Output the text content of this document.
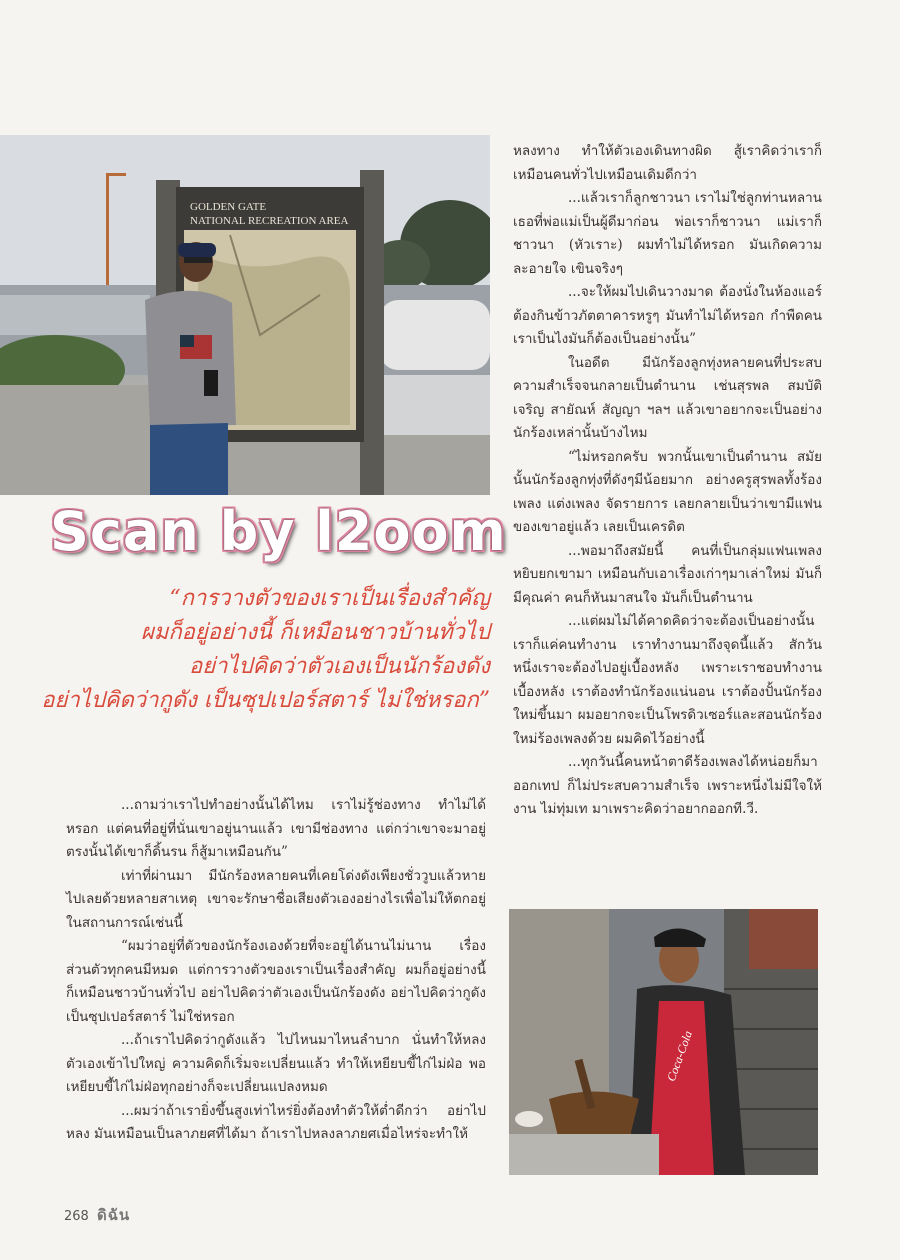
GOLDEN GATE
NATIONAL RECREATION AREA
Scan by l2oom
“การวางตัวของเราเป็นเรื่องสำคัญ
ผมก็อยู่อย่างนี้ ก็เหมือนชาวบ้านทั่วไป
อย่าไปคิดว่าตัวเองเป็นนักร้องดัง
อย่าไปคิดว่ากูดัง เป็นซุปเปอร์สตาร์ ไม่ใช่หรอก”

...ถามว่าเราไปทำอย่างนั้นได้ไหม เราไม่รู้ช่องทาง ทำไม่ได้หรอก แต่คนที่อยู่ที่นั่นเขาอยู่นานแล้ว เขามีช่องทาง แต่กว่าเขาจะมาอยู่ตรงนั้นได้เขาก็ดิ้นรน ก็สู้มาเหมือนกัน”

เท่าที่ผ่านมา มีนักร้องหลายคนที่เคยโด่งดังเพียงชั่ววูบแล้วหายไปเลยด้วยหลายสาเหตุ เขาจะรักษาชื่อเสียงตัวเองอย่างไรเพื่อไม่ให้ตกอยู่ในสถานการณ์เช่นนี้

“ผมว่าอยู่ที่ตัวของนักร้องเองด้วยที่จะอยู่ได้นานไม่นาน เรื่องส่วนตัวทุกคนมีหมด แต่การวางตัวของเราเป็นเรื่องสำคัญ ผมก็อยู่อย่างนี้ ก็เหมือนชาวบ้านทั่วไป อย่าไปคิดว่าตัวเองเป็นนักร้องดัง อย่าไปคิดว่ากูดัง เป็นซุปเปอร์สตาร์ ไม่ใช่หรอก

...ถ้าเราไปคิดว่ากูดังแล้ว ไปไหนมาไหนลำบาก นั่นทำให้หลงตัวเองเข้าไปใหญ่ ความคิดก็เริ่มจะเปลี่ยนแล้ว ทำให้เหยียบขี้ไก่ไม่ฝ่อ พอเหยียบขี้ไก่ไม่ฝ่อทุกอย่างก็จะเปลี่ยนแปลงหมด

...ผมว่าถ้าเรายิ่งขึ้นสูงเท่าไหร่ยิ่งต้องทำตัวให้ต่ำดีกว่า อย่าไปหลง มันเหมือนเป็นลาภยศที่ได้มา ถ้าเราไปหลงลาภยศเมื่อไหร่จะทำให้

หลงทาง ทำให้ตัวเองเดินทางผิด สู้เราคิดว่าเราก็เหมือนคนทั่วไปเหมือนเดิมดีกว่า

...แล้วเราก็ลูกชาวนา เราไม่ใช่ลูกท่านหลานเธอที่พ่อแม่เป็นผู้ดีมาก่อน พ่อเราก็ชาวนา แม่เราก็ชาวนา (หัวเราะ) ผมทำไม่ได้หรอก มันเกิดความละอายใจ เขินจริงๆ

...จะให้ผมไปเดินวางมาด ต้องนั่งในห้องแอร์ ต้องกินข้าวภัตตาคารหรูๆ มันทำไม่ได้หรอก กำพืดคนเราเป็นไงมันก็ต้องเป็นอย่างนั้น”

ในอดีต มีนักร้องลูกทุ่งหลายคนที่ประสบความสำเร็จจนกลายเป็นตำนาน เช่นสุรพล สมบัติเจริญ สายัณห์ สัญญา ฯลฯ แล้วเขาอยากจะเป็นอย่างนักร้องเหล่านั้นบ้างไหม

“ไม่หรอกครับ พวกนั้นเขาเป็นตำนาน สมัยนั้นนักร้องลูกทุ่งที่ดังๆมีน้อยมาก อย่างครูสุรพลทั้งร้องเพลง แต่งเพลง จัดรายการ เลยกลายเป็นว่าเขามีแฟนของเขาอยู่แล้ว เลยเป็นเครดิต

...พอมาถึงสมัยนี้ คนที่เป็นกลุ่มแฟนเพลงหยิบยกเขามา เหมือนกับเอาเรื่องเก่าๆมาเล่าใหม่ มันก็มีคุณค่า คนก็หันมาสนใจ มันก็เป็นตำนาน

...แต่ผมไม่ได้คาดคิดว่าจะต้องเป็นอย่างนั้น เราก็แค่คนทำงาน เราทำงานมาถึงจุดนี้แล้ว สักวันหนึ่งเราจะต้องไปอยู่เบื้องหลัง เพราะเราชอบทำงานเบื้องหลัง เราต้องทำนักร้องแน่นอน เราต้องปั้นนักร้องใหม่ขึ้นมา ผมอยากจะเป็นโพรดิวเซอร์และสอนนักร้องใหม่ร้องเพลงด้วย ผมคิดไว้อย่างนี้

...ทุกวันนี้คนหน้าตาดีร้องเพลงได้หน่อยก็มาออกเทป ก็ไม่ประสบความสำเร็จ เพราะหนึ่งไม่มีใจให้งาน ไม่ทุ่มเท มาเพราะคิดว่าอยากออกที.วี.

Coca-Cola
268 ดิฉัน
